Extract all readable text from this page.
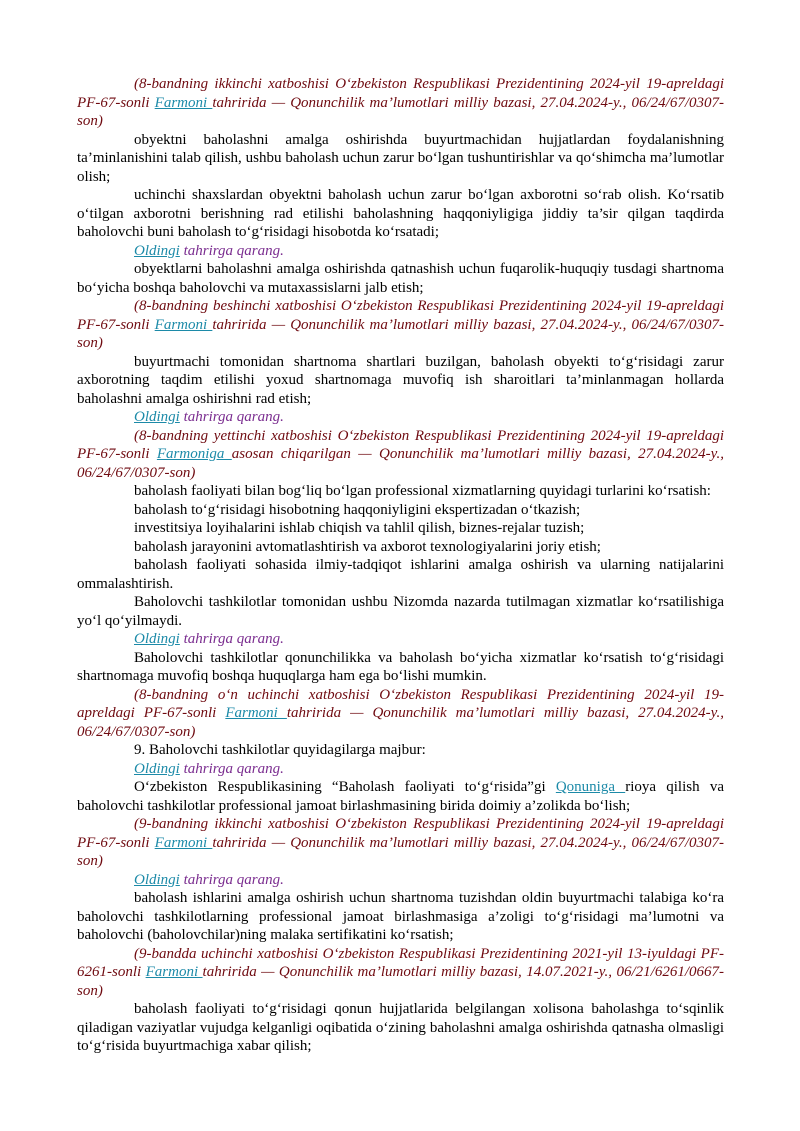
(8-bandning ikkinchi xatboshisi O‘zbekiston Respublikasi Prezidentining 2024-yil 19-apreldagi PF-67-sonli Farmoni tahririda — Qonunchilik ma’lumotlari milliy bazasi, 27.04.2024-y., 06/24/67/0307-son)

obyektni baholashni amalga oshirishda buyurtmachidan hujjatlardan foydalanishning ta’minlanishini talab qilish, ushbu baholash uchun zarur bo‘lgan tushuntirishlar va qo‘shimcha ma’lumotlar olish;

uchinchi shaxslardan obyektni baholash uchun zarur bo‘lgan axborotni so‘rab olish. Ko‘rsatib o‘tilgan axborotni berishning rad etilishi baholashning haqqoniyligiga jiddiy ta’sir qilgan taqdirda baholovchi buni baholash to‘g‘risidagi hisobotda ko‘rsatadi;

Oldingi tahrirga qarang.

obyektlarni baholashni amalga oshirishda qatnashish uchun fuqarolik-huquqiy tusdagi shartnoma bo‘yicha boshqa baholovchi va mutaxassislarni jalb etish;

(8-bandning beshinchi xatboshisi O‘zbekiston Respublikasi Prezidentining 2024-yil 19-apreldagi PF-67-sonli Farmoni tahririda — Qonunchilik ma’lumotlari milliy bazasi, 27.04.2024-y., 06/24/67/0307-son)

buyurtmachi tomonidan shartnoma shartlari buzilgan, baholash obyekti to‘g‘risidagi zarur axborotning taqdim etilishi yoxud shartnomaga muvofiq ish sharoitlari ta’minlanmagan hollarda baholashni amalga oshirishni rad etish;

Oldingi tahrirga qarang.

(8-bandning yettinchi xatboshisi O‘zbekiston Respublikasi Prezidentining 2024-yil 19-apreldagi PF-67-sonli Farmoniga asosan chiqarilgan — Qonunchilik ma’lumotlari milliy bazasi, 27.04.2024-y., 06/24/67/0307-son)

baholash faoliyati bilan bog‘liq bo‘lgan professional xizmatlarning quyidagi turlarini ko‘rsatish:

baholash to‘g‘risidagi hisobotning haqqoniyligini ekspertizadan o‘tkazish;

investitsiya loyihalarini ishlab chiqish va tahlil qilish, biznes-rejalar tuzish;

baholash jarayonini avtomatlashtirish va axborot texnologiyalarini joriy etish;

baholash faoliyati sohasida ilmiy-tadqiqot ishlarini amalga oshirish va ularning natijalarini ommalashtirish.

Baholovchi tashkilotlar tomonidan ushbu Nizomda nazarda tutilmagan xizmatlar ko‘rsatilishiga yo‘l qo‘yilmaydi.

Oldingi tahrirga qarang.

Baholovchi tashkilotlar qonunchilikka va baholash bo‘yicha xizmatlar ko‘rsatish to‘g‘risidagi shartnomaga muvofiq boshqa huquqlarga ham ega bo‘lishi mumkin.

(8-bandning o‘n uchinchi xatboshisi O‘zbekiston Respublikasi Prezidentining 2024-yil 19-apreldagi PF-67-sonli Farmoni tahririda — Qonunchilik ma’lumotlari milliy bazasi, 27.04.2024-y., 06/24/67/0307-son)

9. Baholovchi tashkilotlar quyidagilarga majbur:

Oldingi tahrirga qarang.

O‘zbekiston Respublikasining “Baholash faoliyati to‘g‘risida”gi Qonuniga rioya qilish va baholovchi tashkilotlar professional jamoat birlashmasining birida doimiy a’zolikda bo‘lish;

(9-bandning ikkinchi xatboshisi O‘zbekiston Respublikasi Prezidentining 2024-yil 19-apreldagi PF-67-sonli Farmoni tahririda — Qonunchilik ma’lumotlari milliy bazasi, 27.04.2024-y., 06/24/67/0307-son)

Oldingi tahrirga qarang.

baholash ishlarini amalga oshirish uchun shartnoma tuzishdan oldin buyurtmachi talabiga ko‘ra baholovchi tashkilotlarning professional jamoat birlashmasiga a’zoligi to‘g‘risidagi ma’lumotni va baholovchi (baholovchilar)ning malaka sertifikatini ko‘rsatish;

(9-bandda uchinchi xatboshisi O‘zbekiston Respublikasi Prezidentining 2021-yil 13-iyuldagi PF-6261-sonli Farmoni tahririda — Qonunchilik ma’lumotlari milliy bazasi, 14.07.2021-y., 06/21/6261/0667-son)

baholash faoliyati to‘g‘risidagi qonun hujjatlarida belgilangan xolisona baholashga to‘sqinlik qiladigan vaziyatlar vujudga kelganligi oqibatida o‘zining baholashni amalga oshirishda qatnasha olmasligi to‘g‘risida buyurtmachiga xabar qilish;
